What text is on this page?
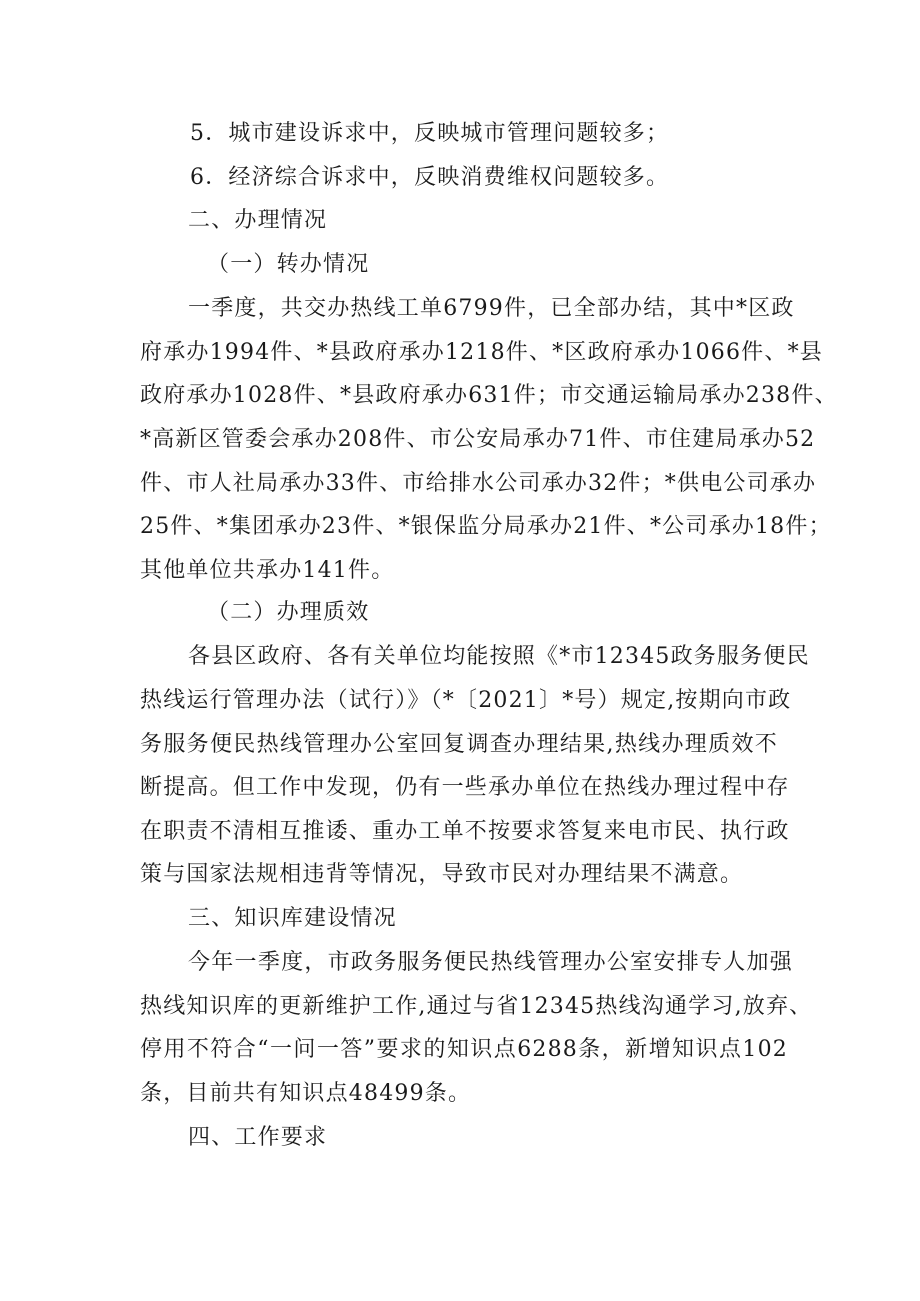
5．城市建设诉求中，反映城市管理问题较多；
6．经济综合诉求中，反映消费维权问题较多。
二、办理情况
（一）转办情况
一季度，共交办热线工单6799件，已全部办结，其中*区政
府承办1994件、*县政府承办1218件、*区政府承办1066件、*县
政府承办1028件、*县政府承办631件；市交通运输局承办238件、
*高新区管委会承办208件、市公安局承办71件、市住建局承办52
件、市人社局承办33件、市给排水公司承办32件；*供电公司承办
25件、*集团承办23件、*银保监分局承办21件、*公司承办18件；
其他单位共承办141件。
（二）办理质效
各县区政府、各有关单位均能按照《*市12345政务服务便民
热线运行管理办法（试行）》（*〔2021〕*号）规定,按期向市政
务服务便民热线管理办公室回复调查办理结果,热线办理质效不
断提高。但工作中发现，仍有一些承办单位在热线办理过程中存
在职责不清相互推诿、重办工单不按要求答复来电市民、执行政
策与国家法规相违背等情况，导致市民对办理结果不满意。
三、知识库建设情况
今年一季度，市政务服务便民热线管理办公室安排专人加强
热线知识库的更新维护工作,通过与省12345热线沟通学习,放弃、
停用不符合“一问一答”要求的知识点6288条，新增知识点102
条，目前共有知识点48499条。
四、工作要求
